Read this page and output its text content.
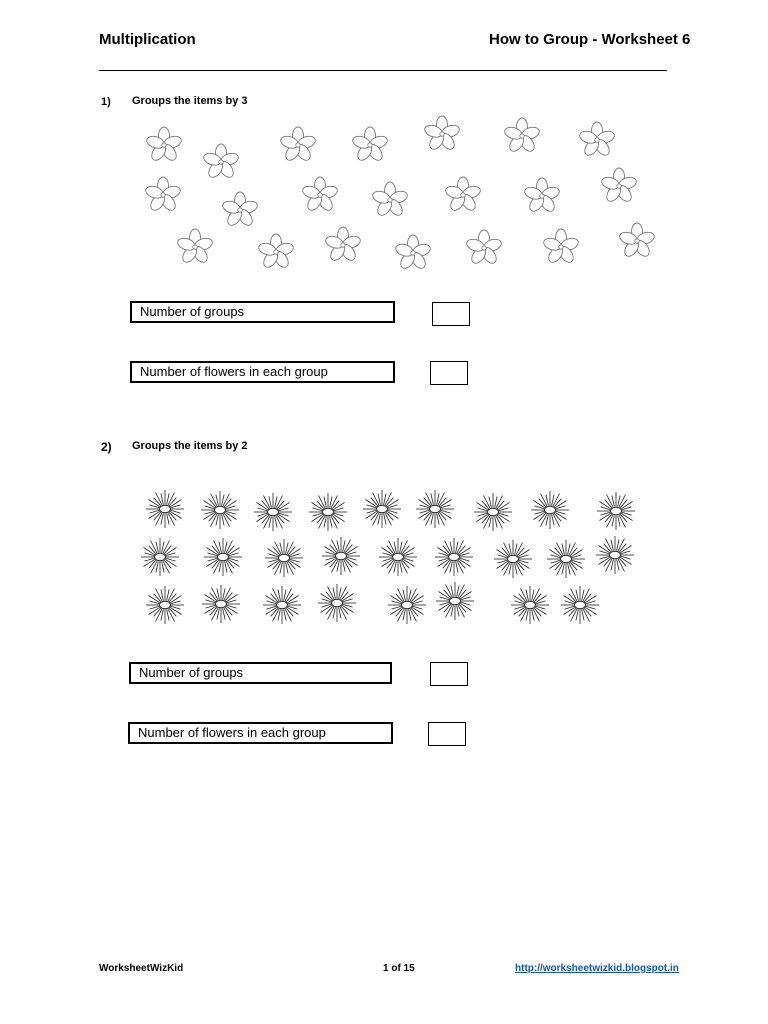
Multiplication	How to Group - Worksheet 6
1) Groups the items by 3
Number of groups
Number of flowers in each group
2) Groups the items by 2
Number of groups
Number of flowers in each group
WorksheetWizKid	1 of 15	http://worksheetwizkid.blogspot.in
